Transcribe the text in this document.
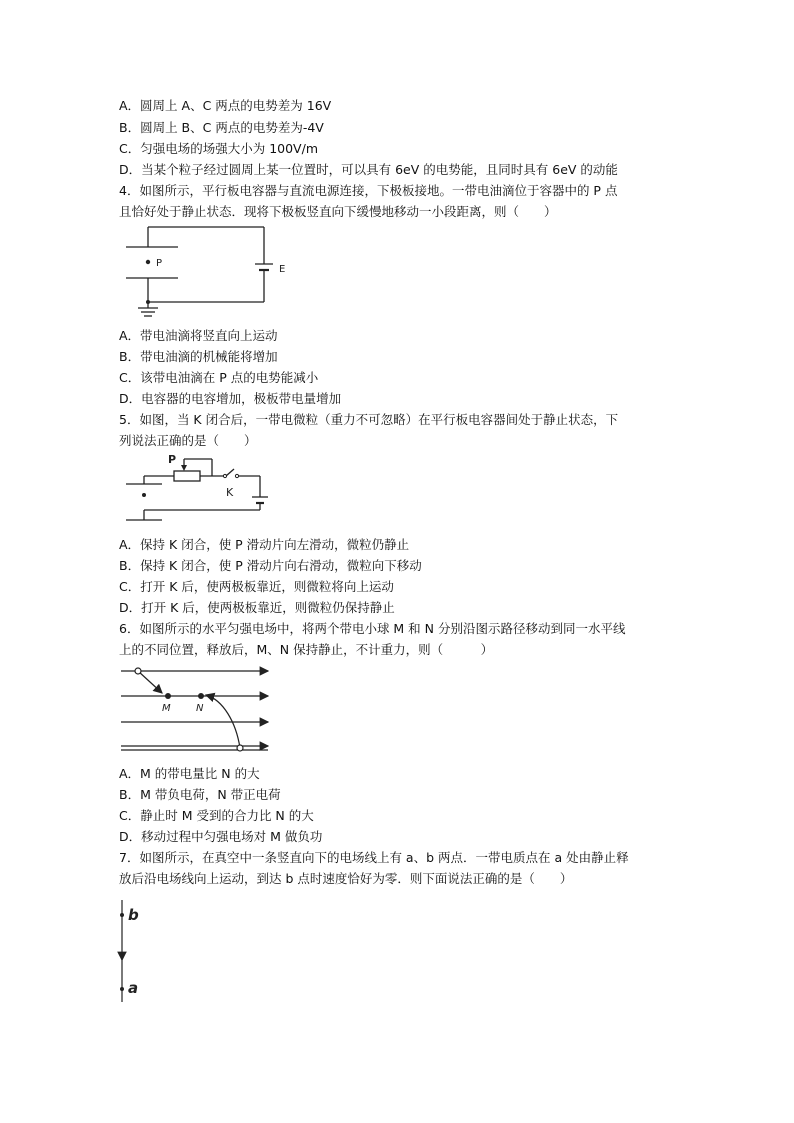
A．圆周上 A、C 两点的电势差为 16V
B．圆周上 B、C 两点的电势差为-4V
C．匀强电场的场强大小为 100V/m
D．当某个粒子经过圆周上某一位置时，可以具有 6eV 的电势能，且同时具有 6eV 的动能
4．如图所示，平行板电容器与直流电源连接，下极板接地。一带电油滴位于容器中的 P 点
且恰好处于静止状态．现将下极板竖直向下缓慢地移动一小段距离，则（　　）
P
E
A．带电油滴将竖直向上运动
B．带电油滴的机械能将增加
C．该带电油滴在 P 点的电势能减小
D．电容器的电容增加，极板带电量增加
5．如图，当 K 闭合后，一带电微粒（重力不可忽略）在平行板电容器间处于静止状态，下
列说法正确的是（　　）
P
K
A．保持 K 闭合，使 P 滑动片向左滑动，微粒仍静止
B．保持 K 闭合，使 P 滑动片向右滑动，微粒向下移动
C．打开 K 后，使两极板靠近，则微粒将向上运动
D．打开 K 后，使两极板靠近，则微粒仍保持静止
6．如图所示的水平匀强电场中，将两个带电小球 M 和 N 分别沿图示路径移动到同一水平线
上的不同位置，释放后，M、N 保持静止，不计重力，则（　　　）
M	N
A．M 的带电量比 N 的大
B．M 带负电荷，N 带正电荷
C．静止时 M 受到的合力比 N 的大
D．移动过程中匀强电场对 M 做负功
7．如图所示，在真空中一条竖直向下的电场线上有 a、b 两点．一带电质点在 a 处由静止释
放后沿电场线向上运动，到达 b 点时速度恰好为零．则下面说法正确的是（　　）
b
a
